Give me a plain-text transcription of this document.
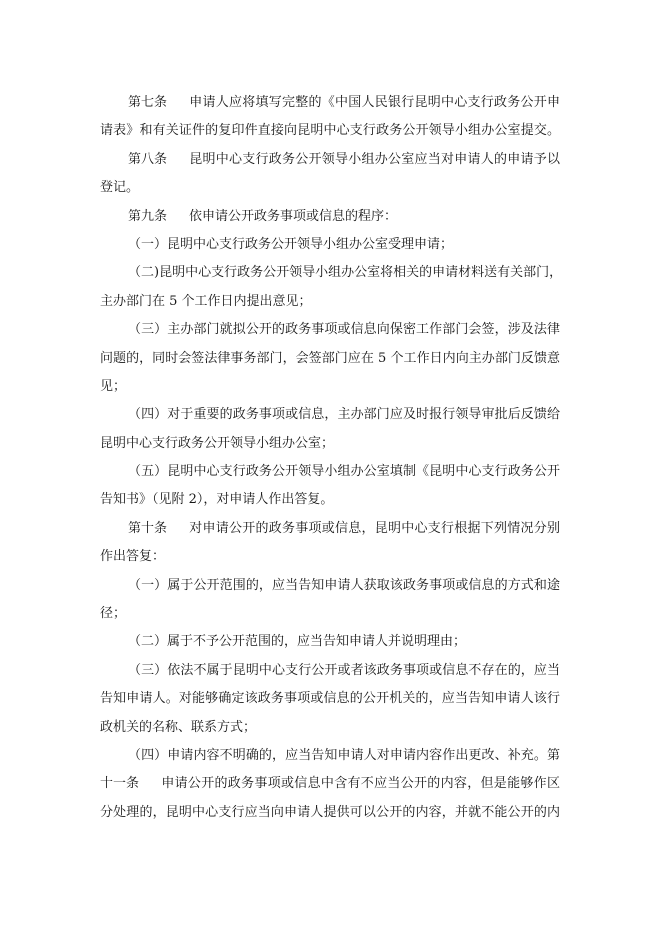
第七条 申请人应将填写完整的《中国人民银行昆明中心支行政务公开申
请表》和有关证件的复印件直接向昆明中心支行政务公开领导小组办公室提交。
第八条 昆明中心支行政务公开领导小组办公室应当对申请人的申请予以
登记。
第九条 依申请公开政务事项或信息的程序：
（一）昆明中心支行政务公开领导小组办公室受理申请；
（二)昆明中心支行政务公开领导小组办公室将相关的申请材料送有关部门，
主办部门在 5 个工作日内提出意见；
（三）主办部门就拟公开的政务事项或信息向保密工作部门会签，涉及法律
问题的，同时会签法律事务部门，会签部门应在 5 个工作日内向主办部门反馈意
见；
（四）对于重要的政务事项或信息，主办部门应及时报行领导审批后反馈给
昆明中心支行政务公开领导小组办公室；
（五）昆明中心支行政务公开领导小组办公室填制《昆明中心支行政务公开
告知书》（见附 2），对申请人作出答复。
第十条 对申请公开的政务事项或信息，昆明中心支行根据下列情况分别
作出答复：
（一）属于公开范围的，应当告知申请人获取该政务事项或信息的方式和途
径；
（二）属于不予公开范围的，应当告知申请人并说明理由；
（三）依法不属于昆明中心支行公开或者该政务事项或信息不存在的，应当
告知申请人。对能够确定该政务事项或信息的公开机关的，应当告知申请人该行
政机关的名称、联系方式；
（四）申请内容不明确的，应当告知申请人对申请内容作出更改、补充。第
十一条 申请公开的政务事项或信息中含有不应当公开的内容，但是能够作区
分处理的，昆明中心支行应当向申请人提供可以公开的内容，并就不能公开的内
